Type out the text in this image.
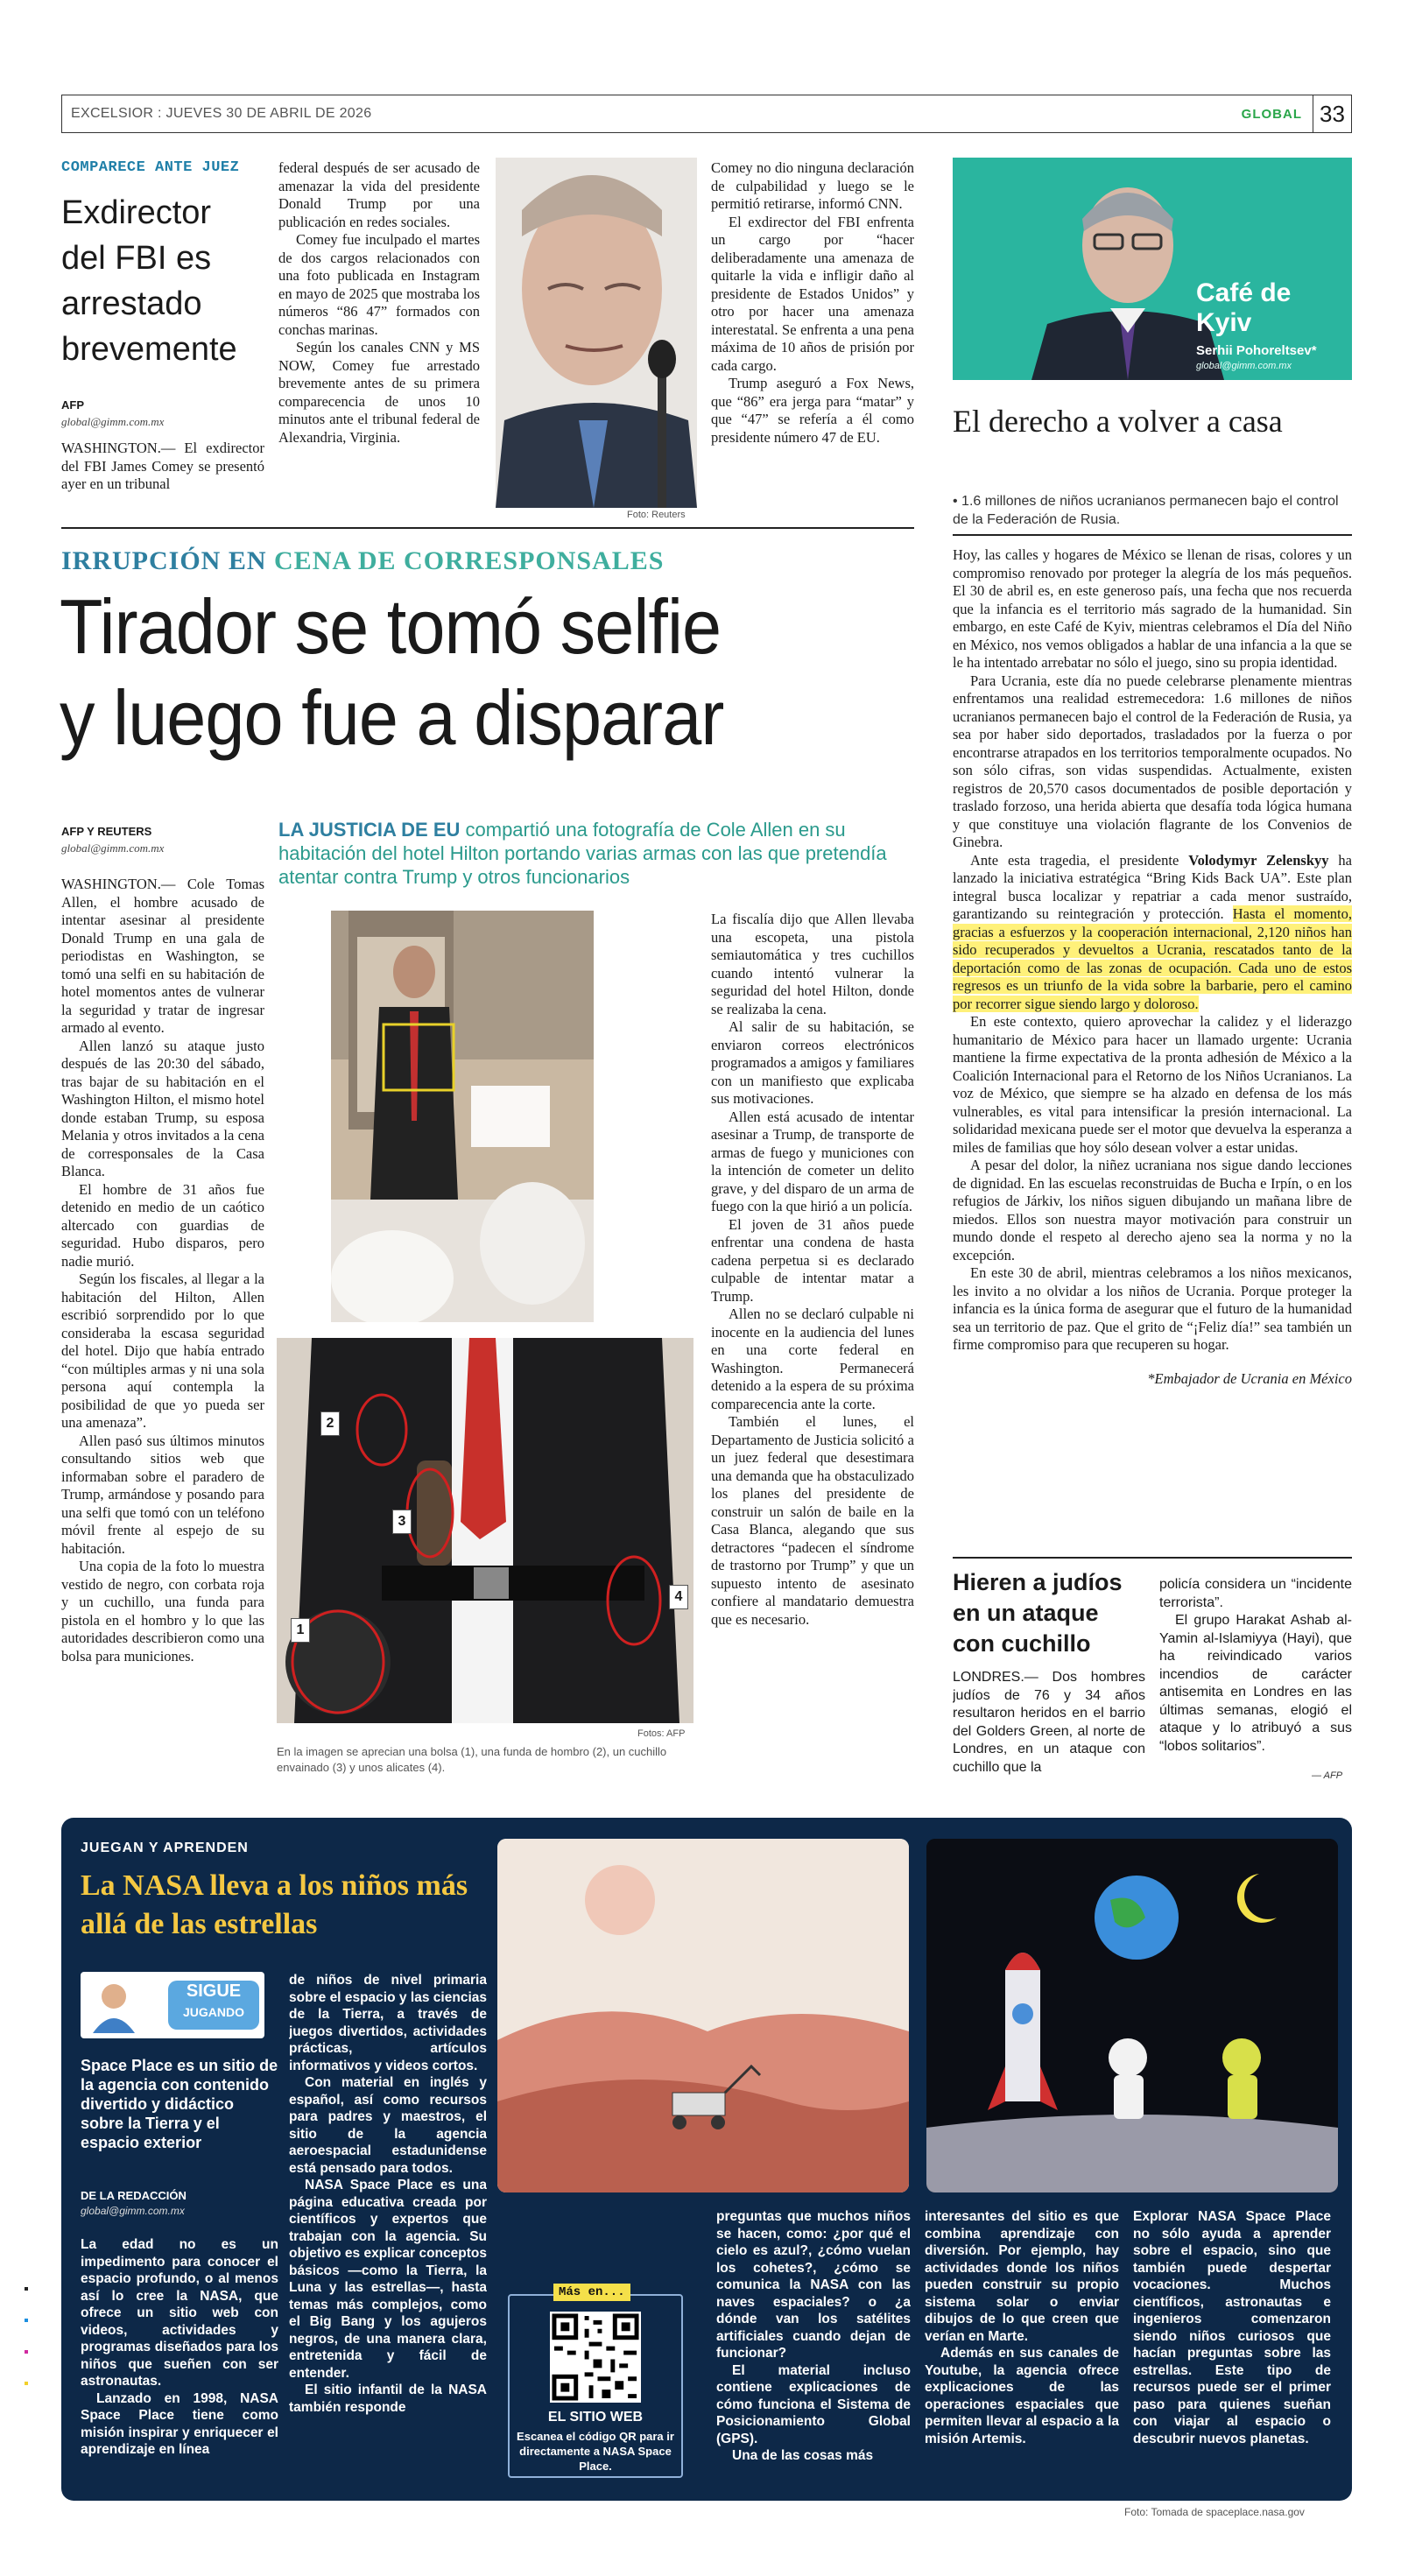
EXCELSIOR : JUEVES 30 DE ABRIL DE 2026	GLOBAL 33
COMPARECE ANTE JUEZ
Exdirector del FBI es arrestado brevemente
AFP
global@gimm.com.mx

WASHINGTON.— El exdirector del FBI James Comey se presentó ayer en un tribunal

federal después de ser acusado de amenazar la vida del presidente Donald Trump por una publicación en redes sociales.

Comey fue inculpado el martes de dos cargos relacionados con una foto publicada en Instagram en mayo de 2025 que mostraba los números “86 47” formados con conchas marinas.

Según los canales CNN y MS NOW, Comey fue arrestado brevemente antes de su primera comparecencia de unos 10 minutos ante el tribunal federal de Alexandria, Virginia.

Foto: Reuters

Comey no dio ninguna declaración de culpabilidad y luego se le permitió retirarse, informó CNN.

El exdirector del FBI enfrenta un cargo por “hacer deliberadamente una amenaza de quitarle la vida e infligir daño al presidente de Estados Unidos” y otro por hacer una amenaza interestatal. Se enfrenta a una pena máxima de 10 años de prisión por cada cargo.

Trump aseguró a Fox News, que “86” era jerga para “matar” y que “47” se refería a él como presidente número 47 de EU.

IRRUPCIÓN EN CENA DE CORRESPONSALES
Tirador se tomó selfie
y luego fue a disparar
AFP Y REUTERS
global@gimm.com.mx
LA JUSTICIA DE EU compartió una fotografía de Cole Allen en su habitación del hotel Hilton portando varias armas con las que pretendía atentar contra Trump y otros funcionarios

WASHINGTON.— Cole Tomas Allen, el hombre acusado de intentar asesinar al presidente Donald Trump en una gala de periodistas en Washington, se tomó una selfi en su habitación de hotel momentos antes de vulnerar la seguridad y tratar de ingresar armado al evento.

Allen lanzó su ataque justo después de las 20:30 del sábado, tras bajar de su habitación en el Washington Hilton, el mismo hotel donde estaban Trump, su esposa Melania y otros invitados a la cena de corresponsales de la Casa Blanca.

El hombre de 31 años fue detenido en medio de un caótico altercado con guardias de seguridad. Hubo disparos, pero nadie murió.

Según los fiscales, al llegar a la habitación del Hilton, Allen escribió sorprendido por lo que consideraba la escasa seguridad del hotel. Dijo que había entrado “con múltiples armas y ni una sola persona aquí contempla la posibilidad de que yo pueda ser una amenaza”.

Allen pasó sus últimos minutos consultando sitios web que informaban sobre el paradero de Trump, armándose y posando para una selfi que tomó con un teléfono móvil frente al espejo de su habitación.

Una copia de la foto lo muestra vestido de negro, con corbata roja y un cuchillo, una funda para pistola en el hombro y lo que las autoridades describieron como una bolsa para municiones.

1
2
3
4
Fotos: AFP
En la imagen se aprecian una bolsa (1), una funda de hombro (2), un cuchillo envainado (3) y unos alicates (4).

La fiscalía dijo que Allen llevaba una escopeta, una pistola semiautomática y tres cuchillos cuando intentó vulnerar la seguridad del hotel Hilton, donde se realizaba la cena.

Al salir de su habitación, se enviaron correos electrónicos programados a amigos y familiares con un manifiesto que explicaba sus motivaciones.

Allen está acusado de intentar asesinar a Trump, de transporte de armas de fuego y municiones con la intención de cometer un delito grave, y del disparo de un arma de fuego con la que hirió a un policía.

El joven de 31 años puede enfrentar una condena de hasta cadena perpetua si es declarado culpable de intentar matar a Trump.

Allen no se declaró culpable ni inocente en la audiencia del lunes en una corte federal en Washington. Permanecerá detenido a la espera de su próxima comparecencia ante la corte.

También el lunes, el Departamento de Justicia solicitó a un juez federal que desestimara una demanda que ha obstaculizado los planes del presidente de construir un salón de baile en la Casa Blanca, alegando que sus detractores “padecen el síndrome de trastorno por Trump” y que un supuesto intento de asesinato confiere al mandatario demuestra que es necesario.

Café de Kyiv
Serhii Pohoreltsev*
global@gimm.com.mx
El derecho a volver a casa
• 1.6 millones de niños ucranianos permanecen bajo el control de la Federación de Rusia.

Hoy, las calles y hogares de México se llenan de risas, colores y un compromiso renovado por proteger la alegría de los más pequeños. El 30 de abril es, en este generoso país, una fecha que nos recuerda que la infancia es el territorio más sagrado de la humanidad. Sin embargo, en este Café de Kyiv, mientras celebramos el Día del Niño en México, nos vemos obligados a hablar de una infancia a la que se le ha intentado arrebatar no sólo el juego, sino su propia identidad.

Para Ucrania, este día no puede celebrarse plenamente mientras enfrentamos una realidad estremecedora: 1.6 millones de niños ucranianos permanecen bajo el control de la Federación de Rusia, ya sea por haber sido deportados, trasladados por la fuerza o por encontrarse atrapados en los territorios temporalmente ocupados. No son sólo cifras, son vidas suspendidas. Actualmente, existen registros de 20,570 casos documentados de posible deportación y traslado forzoso, una herida abierta que desafía toda lógica humana y que constituye una violación flagrante de los Convenios de Ginebra.

Ante esta tragedia, el presidente Volodymyr Zelenskyy ha lanzado la iniciativa estratégica “Bring Kids Back UA”. Este plan integral busca localizar y repatriar a cada menor sustraído, garantizando su reintegración y protección. Hasta el momento, gracias a esfuerzos y la cooperación internacional, 2,120 niños han sido recuperados y devueltos a Ucrania, rescatados tanto de la deportación como de las zonas de ocupación. Cada uno de estos regresos es un triunfo de la vida sobre la barbarie, pero el camino por recorrer sigue siendo largo y doloroso.

En este contexto, quiero aprovechar la calidez y el liderazgo humanitario de México para hacer un llamado urgente: Ucrania mantiene la firme expectativa de la pronta adhesión de México a la Coalición Internacional para el Retorno de los Niños Ucranianos. La voz de México, que siempre se ha alzado en defensa de los más vulnerables, es vital para intensificar la presión internacional. La solidaridad mexicana puede ser el motor que devuelva la esperanza a miles de familias que hoy sólo desean volver a estar unidas.

A pesar del dolor, la niñez ucraniana nos sigue dando lecciones de dignidad. En las escuelas reconstruidas de Bucha e Irpín, o en los refugios de Járkiv, los niños siguen dibujando un mañana libre de miedos. Ellos son nuestra mayor motivación para construir un mundo donde el respeto al derecho ajeno sea la norma y no la excepción.

En este 30 de abril, mientras celebramos a los niños mexicanos, les invito a no olvidar a los niños de Ucrania. Porque proteger la infancia es la única forma de asegurar que el futuro de la humanidad sea un territorio de paz. Que el grito de “¡Feliz día!” sea también un firme compromiso para que recuperen su hogar.

*Embajador de Ucrania en México

Hieren a judíos en un ataque con cuchillo

LONDRES.— Dos hombres judíos de 76 y 34 años resultaron heridos en el barrio del Golders Green, al norte de Londres, en un ataque con cuchillo que la

policía considera un “incidente terrorista”.

El grupo Harakat Ashab al-Yamin al-Islamiyya (Hayi), que ha reivindicado varios incendios de carácter antisemita en Londres en las últimas semanas, elogió el ataque y lo atribuyó a sus “lobos solitarios”.

— AFP
JUEGAN Y APRENDEN
La NASA lleva a los niños más allá de las estrellas
SIGUE
JUGANDO
Space Place es un sitio de la agencia con contenido divertido y didáctico sobre la Tierra y el espacio exterior
DE LA REDACCIÓN
global@gimm.com.mx

La edad no es un impedimento para conocer el espacio profundo, o al menos así lo cree la NASA, que ofrece un sitio web con videos, actividades y programas diseñados para los niños que sueñen con ser astronautas.

Lanzado en 1998, NASA Space Place tiene como misión inspirar y enriquecer el aprendizaje en línea

de niños de nivel primaria sobre el espacio y las ciencias de la Tierra, a través de juegos divertidos, actividades prácticas, artículos informativos y videos cortos.

Con material en inglés y español, así como recursos para padres y maestros, el sitio de la agencia aeroespacial estadunidense está pensado para todos.

NASA Space Place es una página educativa creada por científicos y expertos que trabajan con la agencia. Su objetivo es explicar conceptos básicos —como la Tierra, la Luna y las estrellas—, hasta temas más complejos, como el Big Bang y los agujeros negros, de una manera clara, entretenida y fácil de entender.

El sitio infantil de la NASA también responde

Más en...
EL SITIO WEB
Escanea el código QR para ir directamente a NASA Space Place.

preguntas que muchos niños se hacen, como: ¿por qué el cielo es azul?, ¿cómo vuelan los cohetes?, ¿cómo se comunica la NASA con las naves espaciales? o ¿a dónde van los satélites artificiales cuando dejan de funcionar?

El material incluso contiene explicaciones de cómo funciona el Sistema de Posicionamiento Global (GPS).

Una de las cosas más

interesantes del sitio es que combina aprendizaje con diversión. Por ejemplo, hay actividades donde los niños pueden construir su propio sistema solar o enviar dibujos de lo que creen que verían en Marte.

Además en sus canales de Youtube, la agencia ofrece explicaciones de las operaciones espaciales que permiten llevar al espacio a la misión Artemis.

Explorar NASA Space Place no sólo ayuda a aprender sobre el espacio, sino que también puede despertar vocaciones. Muchos científicos, astronautas e ingenieros comenzaron siendo niños curiosos que hacían preguntas sobre las estrellas. Este tipo de recursos puede ser el primer paso para quienes sueñan con viajar al espacio o descubrir nuevos planetas.

Foto: Tomada de spaceplace.nasa.gov
